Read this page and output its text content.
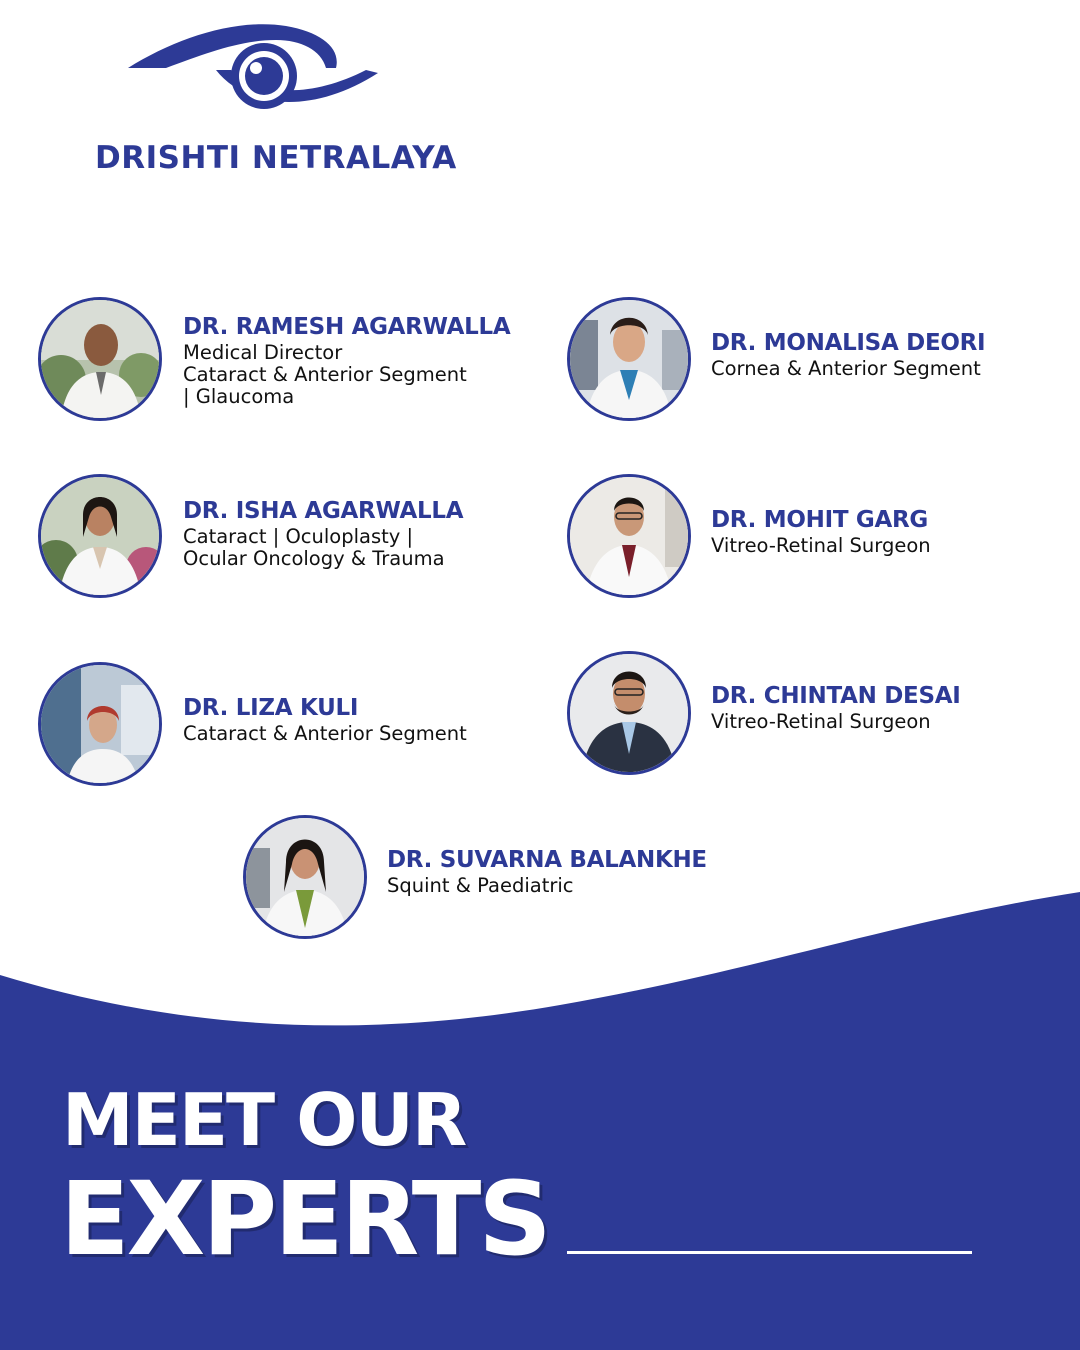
DRISHTI NETRALAYA
DR. RAMESH AGARWALLA
Medical Director
Cataract & Anterior Segment
| Glaucoma
DR. MONALISA DEORI
Cornea & Anterior Segment
DR. ISHA AGARWALLA
Cataract | Oculoplasty |
Ocular Oncology & Trauma
DR. MOHIT GARG
Vitreo-Retinal Surgeon
DR. LIZA KULI
Cataract & Anterior Segment
DR. CHINTAN DESAI
Vitreo-Retinal Surgeon
DR. SUVARNA BALANKHE
Squint & Paediatric
MEET OUR
EXPERTS
